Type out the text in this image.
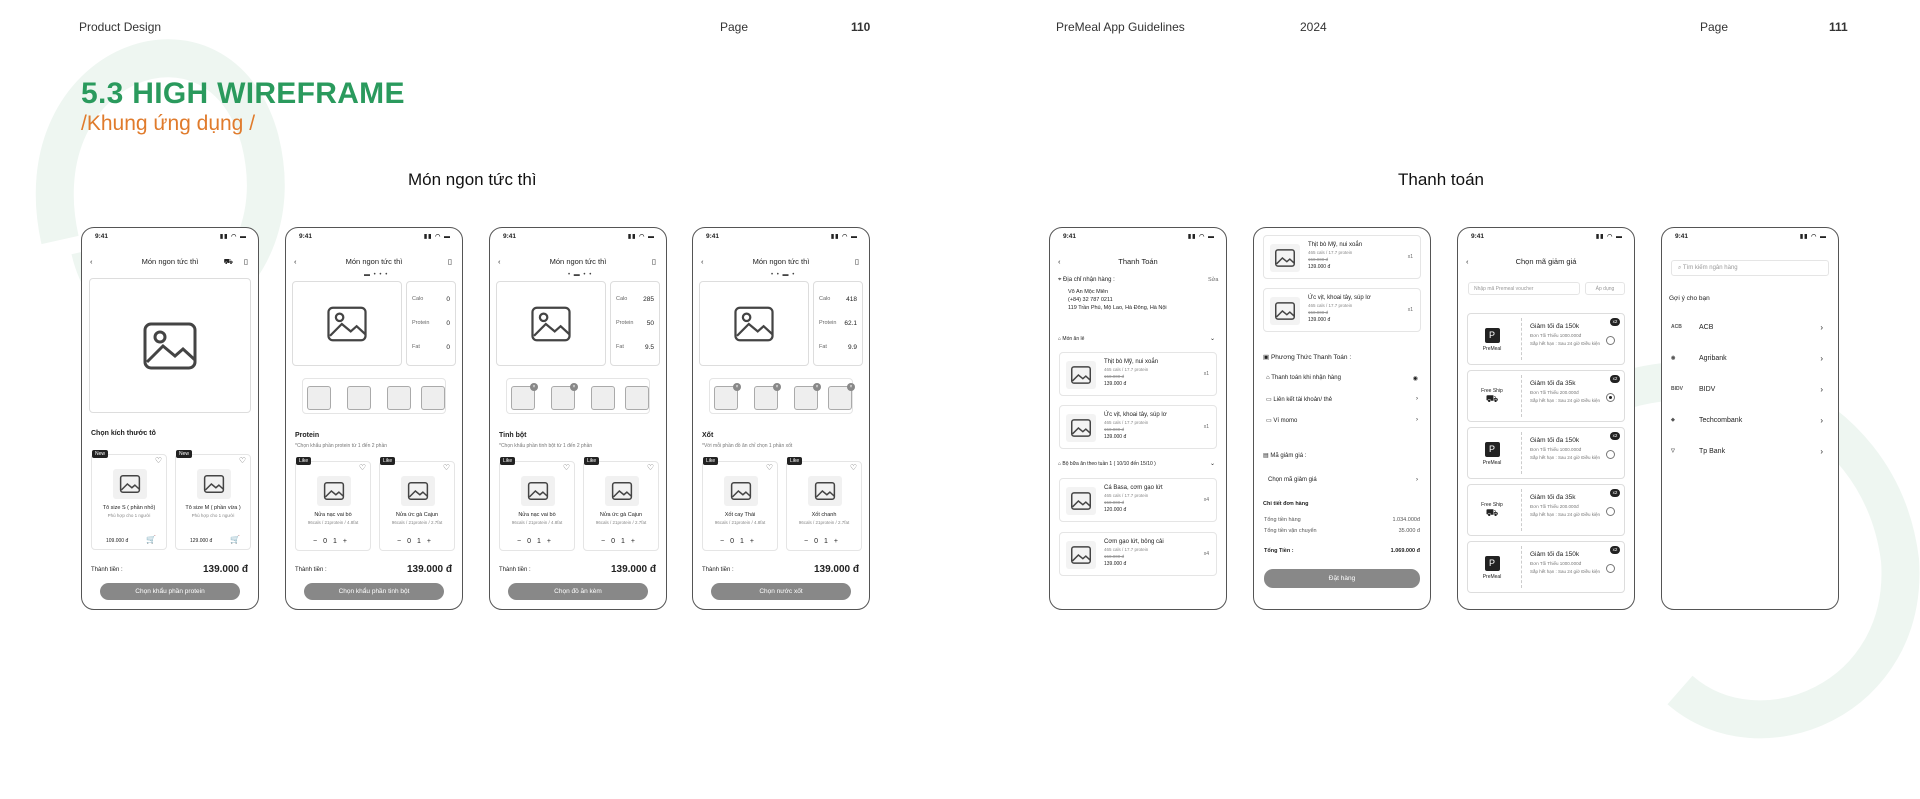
Product Design	Page	110	PreMeal App Guidelines	2024	Page	111
5.3 HIGH WIREFRAME
/Khung ứng dụng /
Món ngon tức thì	Thanh toán
9:41	▮▮ ◠ ▬
‹	Món ngon tức thì	⛟ ▯
Chọn kích thước tô
New
♡
Tô size S ( phần nhỏ)
Phù hợp cho 1 người
109.000 đ 🛒
New
♡
Tô size M ( phần vừa )
Phù hợp cho 1 người
129.000 đ 🛒
Thành tiền :	139.000 đ
Chọn khẩu phần protein
9:41	▮▮ ◠ ▬
‹	Món ngon tức thì	▯
▬ • • •
Calo	0
Protein	0
Fat	0
Protein
*Chọn khẩu phần protein từ 1 đến 2 phần
Like
♡
Nửa nạc vai bò
96cals / 21protein / 4.8fat
−01+
Like
♡
Nửa ức gà Cajun
96cals / 21protein / 2.7fat
−01+
Thành tiền :	139.000 đ
Chọn khẩu phần tinh bột
9:41	▮▮ ◠ ▬
‹	Món ngon tức thì	▯
• ▬ • •
Calo 285
Protein 50
Fat	9.5
×	×
Tinh bột
*Chọn khẩu phần tinh bột từ 1 đến 2 phần
Like
♡
Nửa nạc vai bò
96cals / 21protein / 4.8fat
−01+
Like
♡
Nửa ức gà Cajun
96cals / 21protein / 2.7fat
−01+
Thành tiền :	139.000 đ
Chọn đồ ăn kèm
9:41	▮▮ ◠ ▬
‹	Món ngon tức thì	▯
• • ▬ •
Calo 418
Protein 62.1
Fat	9.9
×	×	×	×
Xốt
*Với mỗi phần đồ ăn chỉ chọn 1 phần xốt
Like
♡
Xốt cay Thái
96cals / 21protein / 4.8fat
−01+
Like
♡
Xốt chanh
96cals / 21protein / 2.7fat
−01+
Thành tiền :	139.000 đ
Chọn nước xốt
9:41	▮▮ ◠ ▬
‹	Thanh Toán
⌖ Địa chỉ nhận hàng :	Sửa
Võ An Mộc Miên
(+84) 32 787 0211
119 Trần Phú, Mộ Lao, Hà Đông, Hà Nội
⌂ Món ăn lẻ	⌄
Thịt bò Mỹ, nui xoắn
465 cals / 17.7 protein
150.000 đ
139.000 đ
x1
Ức vịt, khoai tây, súp lơ
465 cals / 17.7 protein
150.000 đ
139.000 đ
x1
⌂ Bộ bữa ăn theo tuần 1 ( 10/10 đến 15/10 )	⌄
Cá Basa, cơm gạo lứt
465 cals / 17.7 protein
150.000 đ
120.000 đ
x4
Cơm gạo lứt, bông cải
465 cals / 17.7 protein
150.000 đ
139.000 đ
x4
Thịt bò Mỹ, nui xoắn
465 cals / 17.7 protein
150.000 đ
139.000 đ
x1
Ức vịt, khoai tây, súp lơ
465 cals / 17.7 protein
150.000 đ
139.000 đ
x1
▣ Phương Thức Thanh Toán :
⌂ Thanh toán khi nhận hàng	◉
▭ Liên kết tài khoản/ thẻ	›
▭ Ví momo	›
▤ Mã giảm giá :
Chọn mã giảm giá	›
Chi tiết đơn hàng
Tổng tiền hàng	1.034.000đ
Tổng tiền vận chuyển	35.000 đ
Tổng Tiền :	1.069.000 đ
Đặt hàng
9:41	▮▮ ◠ ▬
‹	Chọn mã giảm giá
Nhập mã Premeal voucher	Áp dụng
P
PreMeal
Giảm tối đa 150k
Đơn Tối Thiểu 1000.000đ
Sắp hết hạn : Sau 24 giờ Điều kiện
x2
Free Ship
⛟
Giảm tối đa 35k
Đơn Tối Thiểu 200.000đ
Sắp hết hạn : Sau 24 giờ Điều kiện
x2
P
PreMeal
Giảm tối đa 150k
Đơn Tối Thiểu 1000.000đ
Sắp hết hạn : Sau 24 giờ Điều kiện
x2
Free Ship
⛟
Giảm tối đa 35k
Đơn Tối Thiểu 200.000đ
Sắp hết hạn : Sau 24 giờ Điều kiện
x2
P
PreMeal
Giảm tối đa 150k
Đơn Tối Thiểu 1000.000đ
Sắp hết hạn : Sau 24 giờ Điều kiện
x2
9:41	▮▮ ◠ ▬
⌕ Tìm kiếm ngân hàng
Gợi ý cho bạn
ACB	ACB	›
◉	Agribank	›
BIDV	BIDV	›
◆	Techcombank	›
▽	Tp Bank	›
